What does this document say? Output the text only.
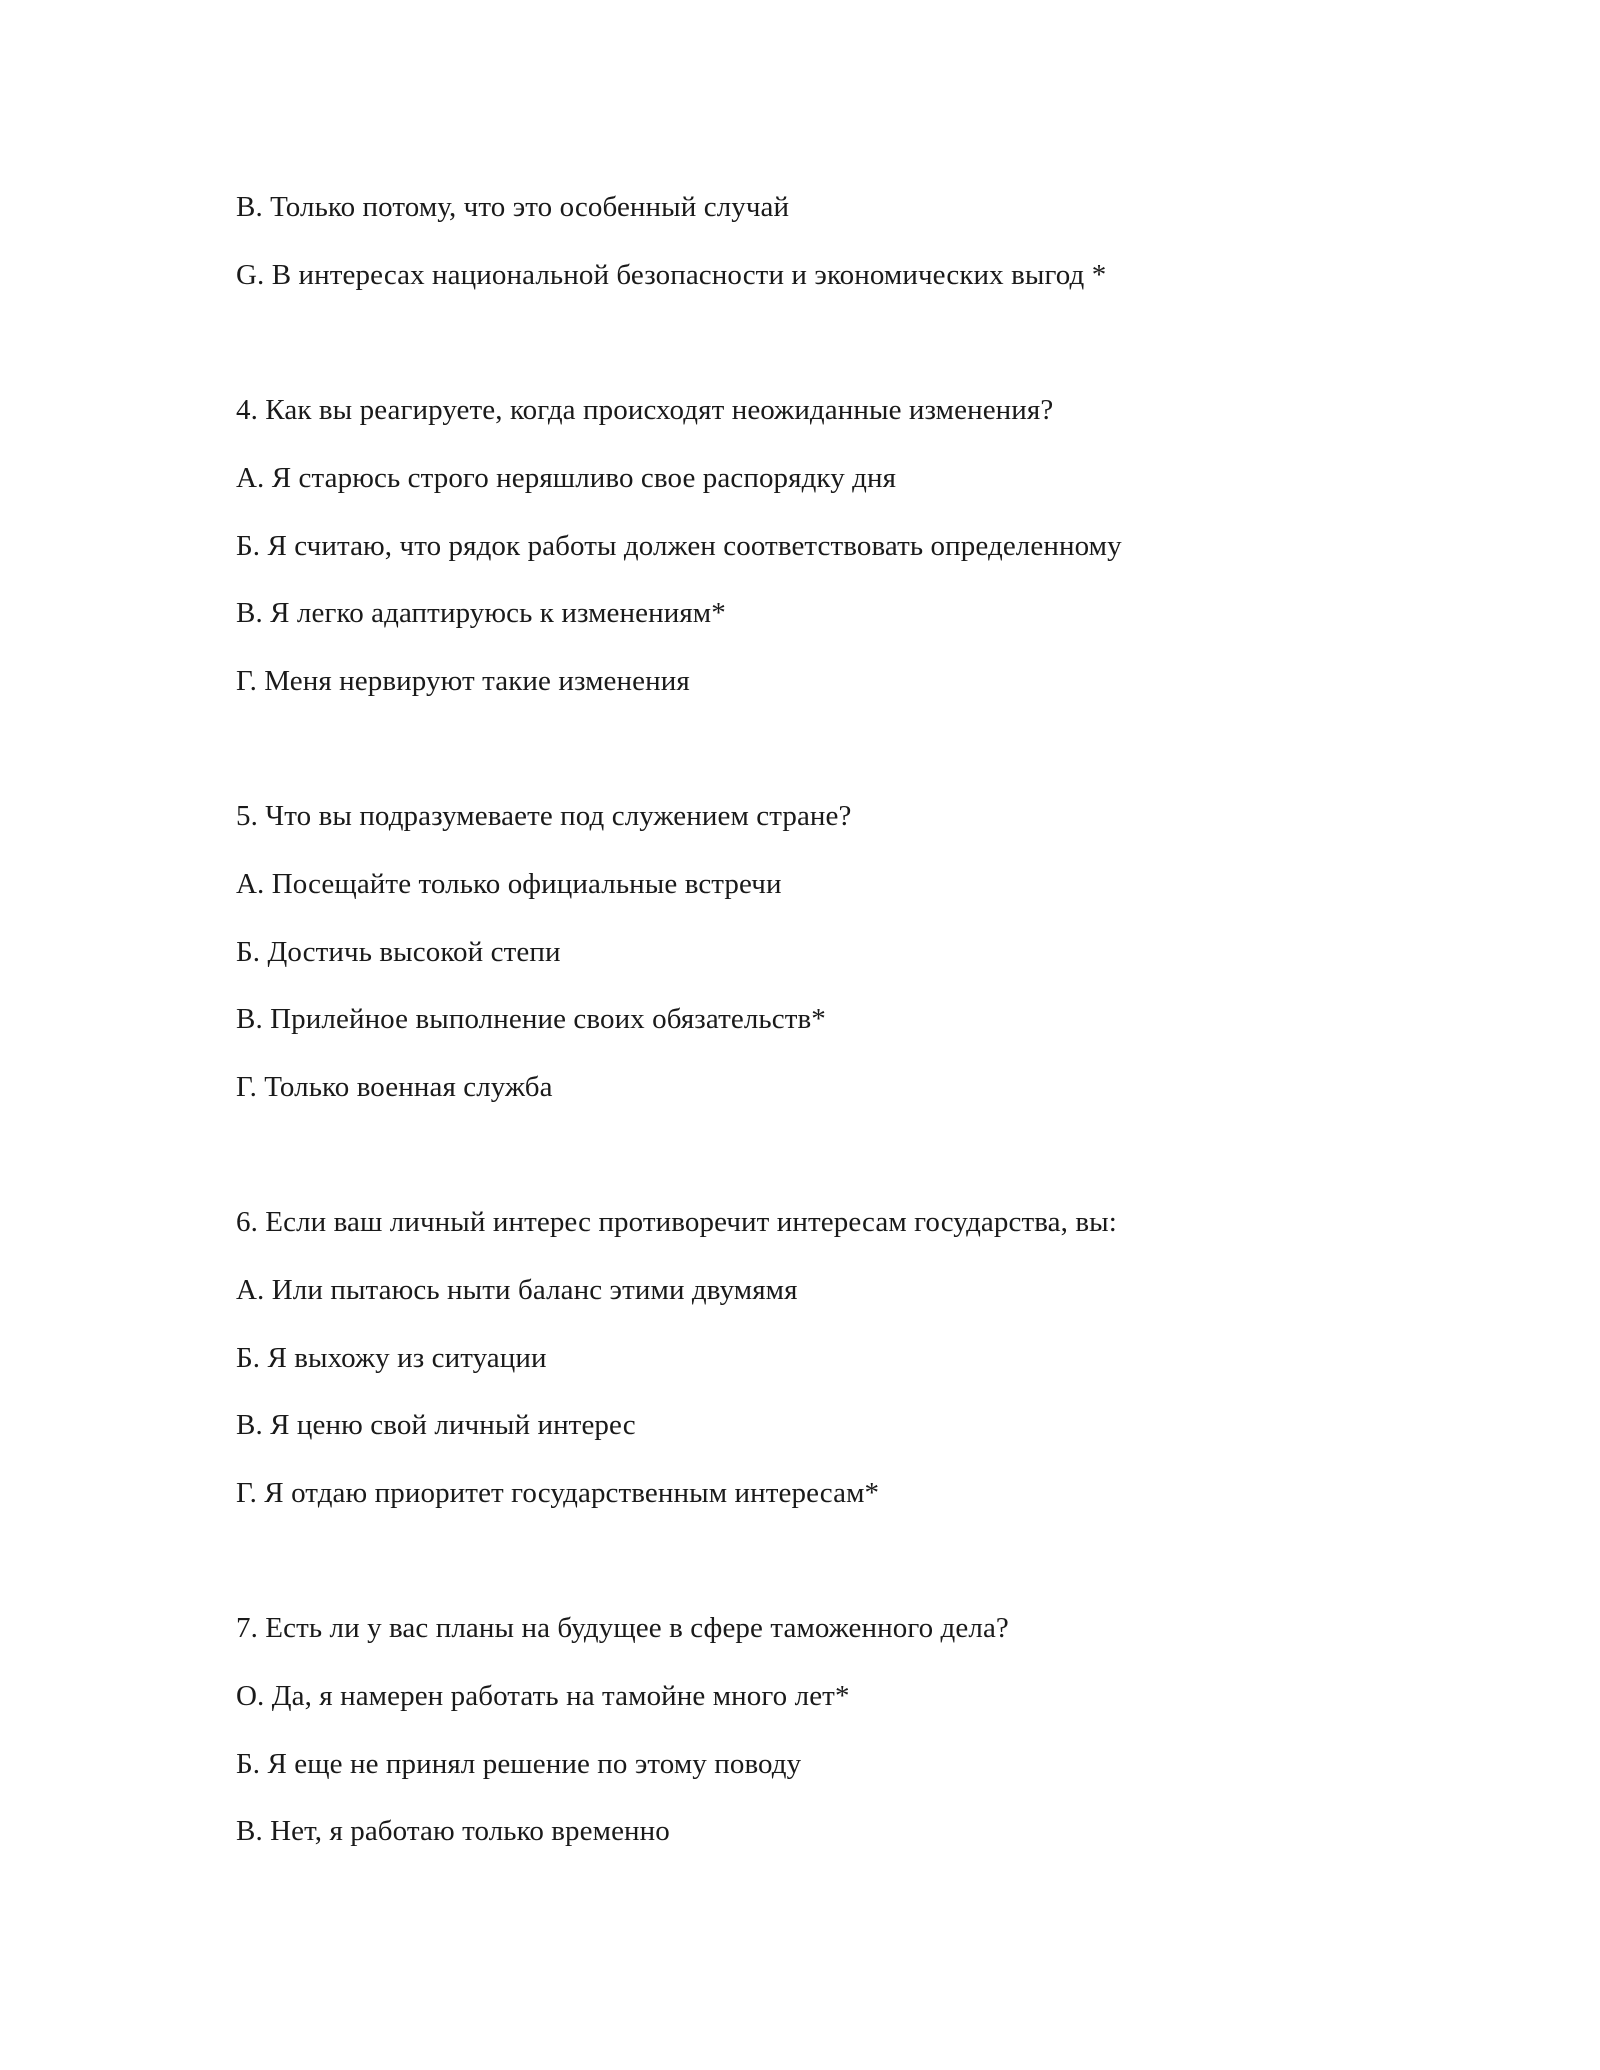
В. Только потому, что это особенный случай
G. В интересах национальной безопасности и экономических выгод *
4. Как вы реагируете, когда происходят неожиданные изменения?
А. Я старюсь строго неряшливо свое распорядку дня
Б. Я считаю, что рядок работы должен соответствовать определенному
В. Я легко адаптируюсь к изменениям*
Г. Меня нервируют такие изменения
5. Что вы подразумеваете под служением стране?
А. Посещайте только официальные встречи
Б. Достичь высокой степи
В. Прилейное выполнение своих обязательств*
Г. Только военная служба
6. Если ваш личный интерес противоречит интересам государства, вы:
А. Или пытаюсь ныти баланс этими двумямя
Б. Я выхожу из ситуации
В. Я ценю свой личный интерес
Г. Я отдаю приоритет государственным интересам*
7. Есть ли у вас планы на будущее в сфере таможенного дела?
О. Да, я намерен работать на тамойне много лет*
Б. Я еще не принял решение по этому поводу
В. Нет, я работаю только временно
